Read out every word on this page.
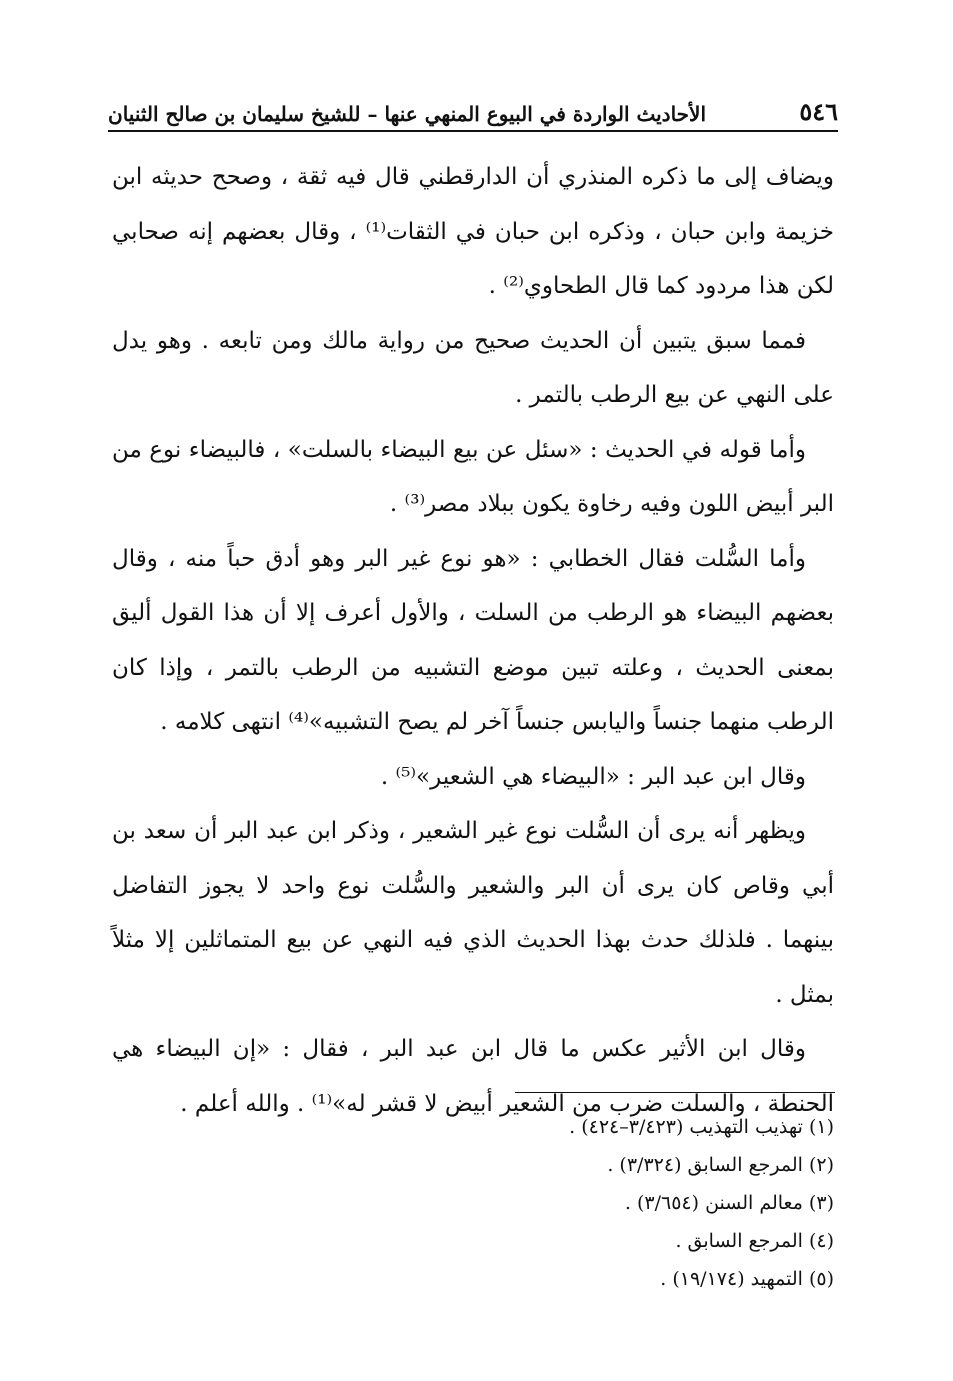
٥٤٦
الأحاديث الواردة في البيوع المنهي عنها – للشيخ سليمان بن صالح الثنيان

ويضاف إلى ما ذكره المنذري أن الدارقطني قال فيه ثقة ، وصحح حديثه ابن خزيمة وابن حبان ، وذكره ابن حبان في الثقات⁽¹⁾ ، وقال بعضهم إنه صحابي لكن هذا مردود كما قال الطحاوي⁽²⁾ .

فمما سبق يتبين أن الحديث صحيح من رواية مالك ومن تابعه . وهو يدل على النهي عن بيع الرطب بالتمر .

وأما قوله في الحديث : «سئل عن بيع البيضاء بالسلت» ، فالبيضاء نوع من البر أبيض اللون وفيه رخاوة يكون ببلاد مصر⁽³⁾ .

وأما السُّلت فقال الخطابي : «هو نوع غير البر وهو أدق حباً منه ، وقال بعضهم البيضاء هو الرطب من السلت ، والأول أعرف إلا أن هذا القول أليق بمعنى الحديث ، وعلته تبين موضع التشبيه من الرطب بالتمر ، وإذا كان الرطب منهما جنساً واليابس جنساً آخر لم يصح التشبيه»⁽⁴⁾ انتهى كلامه .

وقال ابن عبد البر : «البيضاء هي الشعير»⁽⁵⁾ .

ويظهر أنه يرى أن السُّلت نوع غير الشعير ، وذكر ابن عبد البر أن سعد بن أبي وقاص كان يرى أن البر والشعير والسُّلت نوع واحد لا يجوز التفاضل بينهما . فلذلك حدث بهذا الحديث الذي فيه النهي عن بيع المتماثلين إلا مثلاً بمثل .

وقال ابن الأثير عكس ما قال ابن عبد البر ، فقال : «إن البيضاء هي الحنطة ، والسلت ضرب من الشعير أبيض لا قشر له»⁽¹⁾ . والله أعلم .

(١) تهذيب التهذيب (٣/٤٢٣–٤٢٤) .
(٢) المرجع السابق (٣/٣٢٤) .
(٣) معالم السنن (٣/٦٥٤) .
(٤) المرجع السابق .
(٥) التمهيد (١٩/١٧٤) .
